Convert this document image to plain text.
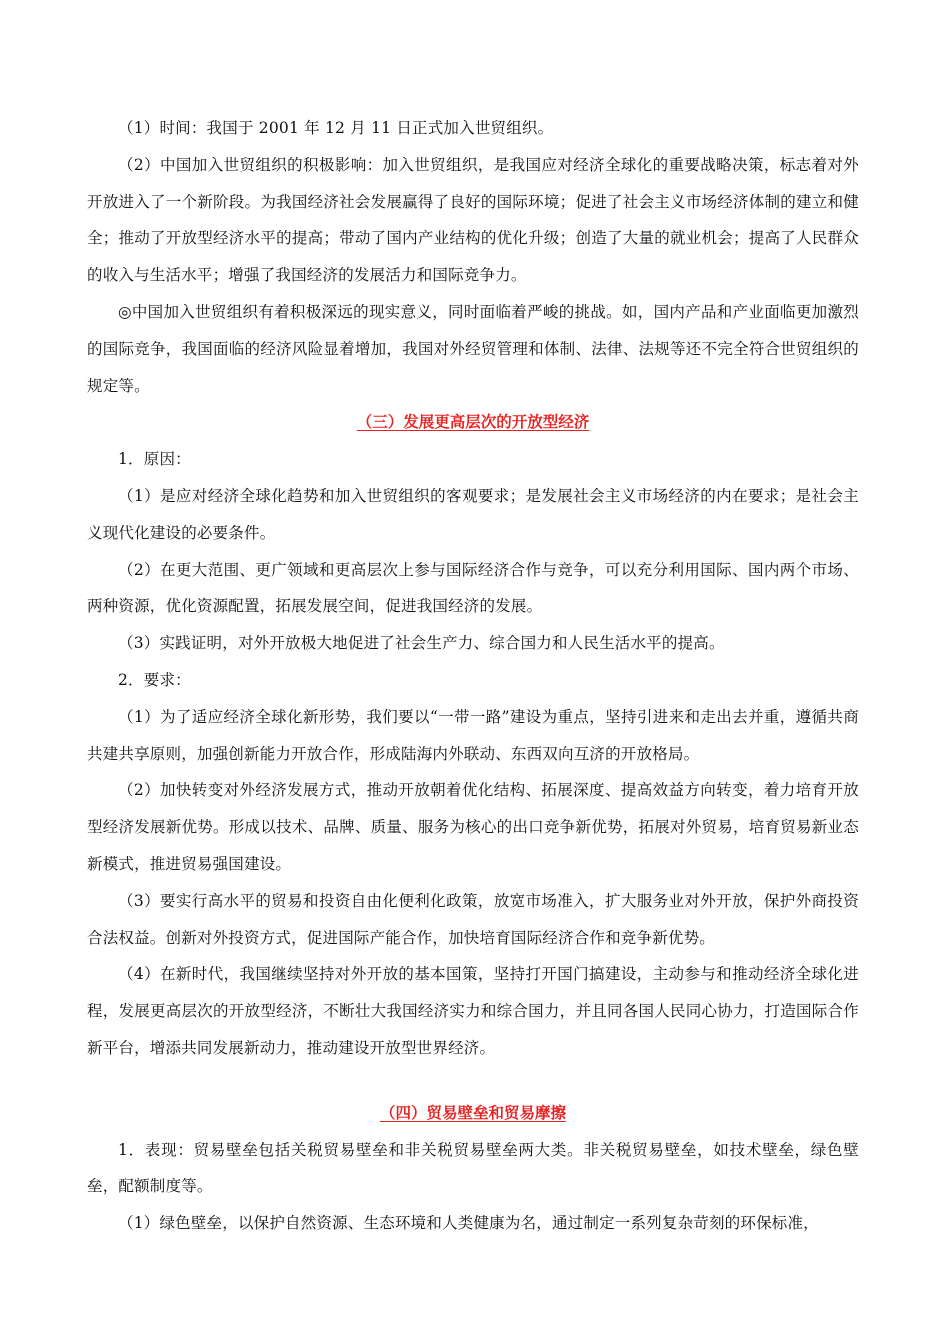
（1）时间：我国于 2001 年 12 月 11 日正式加入世贸组织。

（2）中国加入世贸组织的积极影响：加入世贸组织，是我国应对经济全球化的重要战略决策，标志着对外开放进入了一个新阶段。为我国经济社会发展赢得了良好的国际环境；促进了社会主义市场经济体制的建立和健全；推动了开放型经济水平的提高；带动了国内产业结构的优化升级；创造了大量的就业机会；提高了人民群众的收入与生活水平；增强了我国经济的发展活力和国际竞争力。

◎中国加入世贸组织有着积极深远的现实意义，同时面临着严峻的挑战。如，国内产品和产业面临更加激烈的国际竞争，我国面临的经济风险显着增加，我国对外经贸管理和体制、法律、法规等还不完全符合世贸组织的规定等。

（三）发展更高层次的开放型经济

1．原因：

（1）是应对经济全球化趋势和加入世贸组织的客观要求；是发展社会主义市场经济的内在要求；是社会主义现代化建设的必要条件。

（2）在更大范围、更广领域和更高层次上参与国际经济合作与竞争，可以充分利用国际、国内两个市场、两种资源，优化资源配置，拓展发展空间，促进我国经济的发展。

（3）实践证明，对外开放极大地促进了社会生产力、综合国力和人民生活水平的提高。

2．要求：

（1）为了适应经济全球化新形势，我们要以“一带一路”建设为重点，坚持引进来和走出去并重，遵循共商共建共享原则，加强创新能力开放合作，形成陆海内外联动、东西双向互济的开放格局。

（2）加快转变对外经济发展方式，推动开放朝着优化结构、拓展深度、提高效益方向转变，着力培育开放型经济发展新优势。形成以技术、品牌、质量、服务为核心的出口竞争新优势，拓展对外贸易，培育贸易新业态新模式，推进贸易强国建设。

（3）要实行高水平的贸易和投资自由化便利化政策，放宽市场准入，扩大服务业对外开放，保护外商投资合法权益。创新对外投资方式，促进国际产能合作，加快培育国际经济合作和竞争新优势。

（4）在新时代，我国继续坚持对外开放的基本国策，坚持打开国门搞建设，主动参与和推动经济全球化进程，发展更高层次的开放型经济，不断壮大我国经济实力和综合国力，并且同各国人民同心协力，打造国际合作新平台，增添共同发展新动力，推动建设开放型世界经济。

（四）贸易壁垒和贸易摩擦

1．表现：贸易壁垒包括关税贸易壁垒和非关税贸易壁垒两大类。非关税贸易壁垒，如技术壁垒，绿色壁垒，配额制度等。

（1）绿色壁垒，以保护自然资源、生态环境和人类健康为名，通过制定一系列复杂苛刻的环保标准，
